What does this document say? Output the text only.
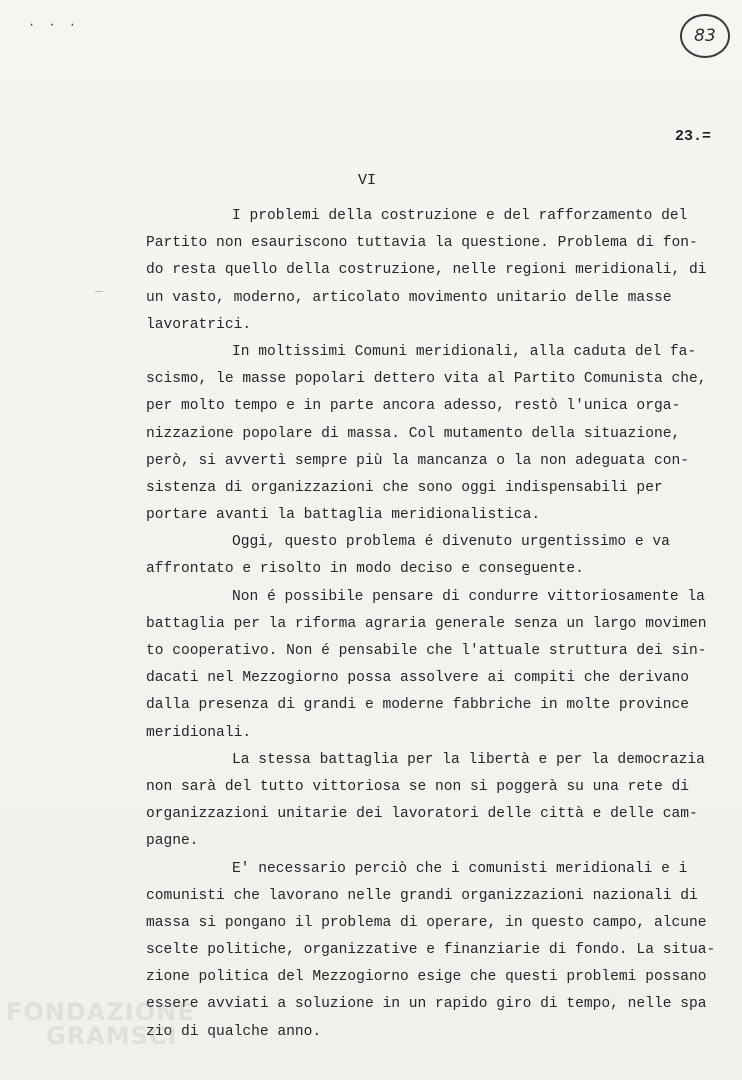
· · ·
83
23.=
VI
I problemi della costruzione e del rafforzamento del
Partito non esauriscono tuttavia la questione. Problema di fon-
do resta quello della costruzione, nelle regioni meridionali, di
un vasto, moderno, articolato movimento unitario delle masse
lavoratrici.
In moltissimi Comuni meridionali, alla caduta del fa-
scismo, le masse popolari dettero vita al Partito Comunista che,
per molto tempo e in parte ancora adesso, restò l'unica orga-
nizzazione popolare di massa. Col mutamento della situazione,
però, si avvertì sempre più la mancanza o la non adeguata con-
sistenza di organizzazioni che sono oggi indispensabili per
portare avanti la battaglia meridionalistica.
Oggi, questo problema é divenuto urgentissimo e va
affrontato e risolto in modo deciso e conseguente.
Non é possibile pensare di condurre vittoriosamente la
battaglia per la riforma agraria generale senza un largo movimen
to cooperativo. Non é pensabile che l'attuale struttura dei sin-
dacati nel Mezzogiorno possa assolvere ai compiti che derivano
dalla presenza di grandi e moderne fabbriche in molte province
meridionali.
La stessa battaglia per la libertà e per la democrazia
non sarà del tutto vittoriosa se non si poggerà su una rete di
organizzazioni unitarie dei lavoratori delle città e delle cam-
pagne.
E' necessario perciò che i comunisti meridionali e i
comunisti che lavorano nelle grandi organizzazioni nazionali di
massa si pongano il problema di operare, in questo campo, alcune
scelte politiche, organizzative e finanziarie di fondo. La situa-
zione politica del Mezzogiorno esige che questi problemi possano
essere avviati a soluzione in un rapido giro di tempo, nelle spa
zio di qualche anno.
FONDAZIONE
GRAMSCI
